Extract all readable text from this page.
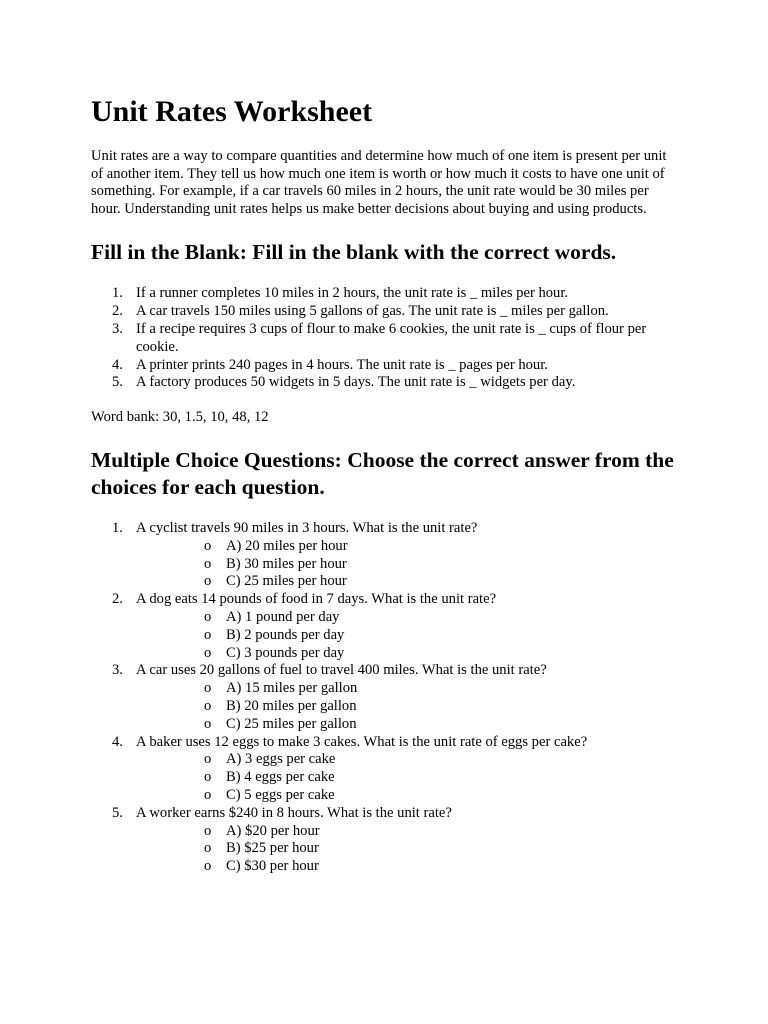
Unit Rates Worksheet

Unit rates are a way to compare quantities and determine how much of one item is present per unit of another item. They tell us how much one item is worth or how much it costs to have one unit of something. For example, if a car travels 60 miles in 2 hours, the unit rate would be 30 miles per hour. Understanding unit rates helps us make better decisions about buying and using products.

Fill in the Blank: Fill in the blank with the correct words.
1. If a runner completes 10 miles in 2 hours, the unit rate is _ miles per hour.
2. A car travels 150 miles using 5 gallons of gas. The unit rate is _ miles per gallon.
3. If a recipe requires 3 cups of flour to make 6 cookies, the unit rate is _ cups of flour per cookie.
4. A printer prints 240 pages in 4 hours. The unit rate is _ pages per hour.
5. A factory produces 50 widgets in 5 days. The unit rate is _ widgets per day.

Word bank: 30, 1.5, 10, 48, 12

Multiple Choice Questions: Choose the correct answer from the choices for each question.
1. A cyclist travels 90 miles in 3 hours. What is the unit rate?
o A) 20 miles per hour
o B) 30 miles per hour
o C) 25 miles per hour
2. A dog eats 14 pounds of food in 7 days. What is the unit rate?
o A) 1 pound per day
o B) 2 pounds per day
o C) 3 pounds per day
3. A car uses 20 gallons of fuel to travel 400 miles. What is the unit rate?
o A) 15 miles per gallon
o B) 20 miles per gallon
o C) 25 miles per gallon
4. A baker uses 12 eggs to make 3 cakes. What is the unit rate of eggs per cake?
o A) 3 eggs per cake
o B) 4 eggs per cake
o C) 5 eggs per cake
5. A worker earns $240 in 8 hours. What is the unit rate?
o A) $20 per hour
o B) $25 per hour
o C) $30 per hour
